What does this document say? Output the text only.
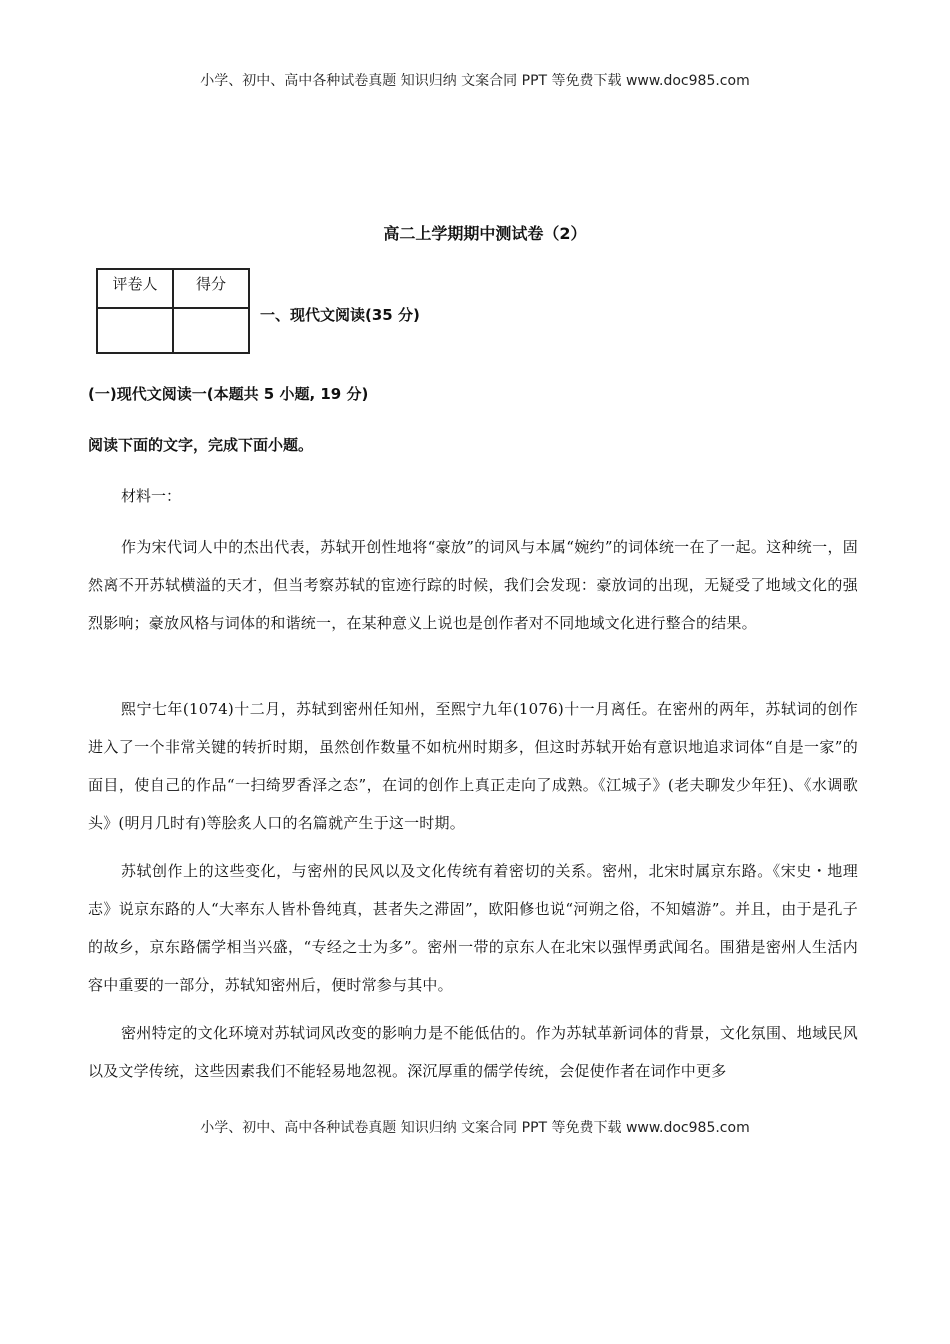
小学、初中、高中各种试卷真题 知识归纳 文案合同 PPT 等免费下载 www.doc985.com
高二上学期期中测试卷（2）
评卷人	得分

一、现代文阅读(35 分)
(一)现代文阅读一(本题共 5 小题, 19 分)
阅读下面的文字，完成下面小题。
材料一：

作为宋代词人中的杰出代表，苏轼开创性地将“豪放”的词风与本属“婉约”的词体统一在了一起。这种统一，固然离不开苏轼横溢的天才，但当考察苏轼的宦迹行踪的时候，我们会发现：豪放词的出现，无疑受了地域文化的强烈影响；豪放风格与词体的和谐统一，在某种意义上说也是创作者对不同地域文化进行整合的结果。

熙宁七年(1074)十二月，苏轼到密州任知州，至熙宁九年(1076)十一月离任。在密州的两年，苏轼词的创作进入了一个非常关键的转折时期，虽然创作数量不如杭州时期多，但这时苏轼开始有意识地追求词体“自是一家”的面目，使自己的作品“一扫绮罗香泽之态”，在词的创作上真正走向了成熟。《江城子》(老夫聊发少年狂)、《水调歌头》(明月几时有)等脍炙人口的名篇就产生于这一时期。

苏轼创作上的这些变化，与密州的民风以及文化传统有着密切的关系。密州，北宋时属京东路。《宋史・地理志》说京东路的人“大率东人皆朴鲁纯真，甚者失之滞固”，欧阳修也说“河朔之俗，不知嬉游”。并且，由于是孔子的故乡，京东路儒学相当兴盛，“专经之士为多”。密州一带的京东人在北宋以强悍勇武闻名。围猎是密州人生活内容中重要的一部分，苏轼知密州后，便时常参与其中。

密州特定的文化环境对苏轼词风改变的影响力是不能低估的。作为苏轼革新词体的背景，文化氛围、地域民风以及文学传统，这些因素我们不能轻易地忽视。深沉厚重的儒学传统，会促使作者在词作中更多

小学、初中、高中各种试卷真题 知识归纳 文案合同 PPT 等免费下载 www.doc985.com
